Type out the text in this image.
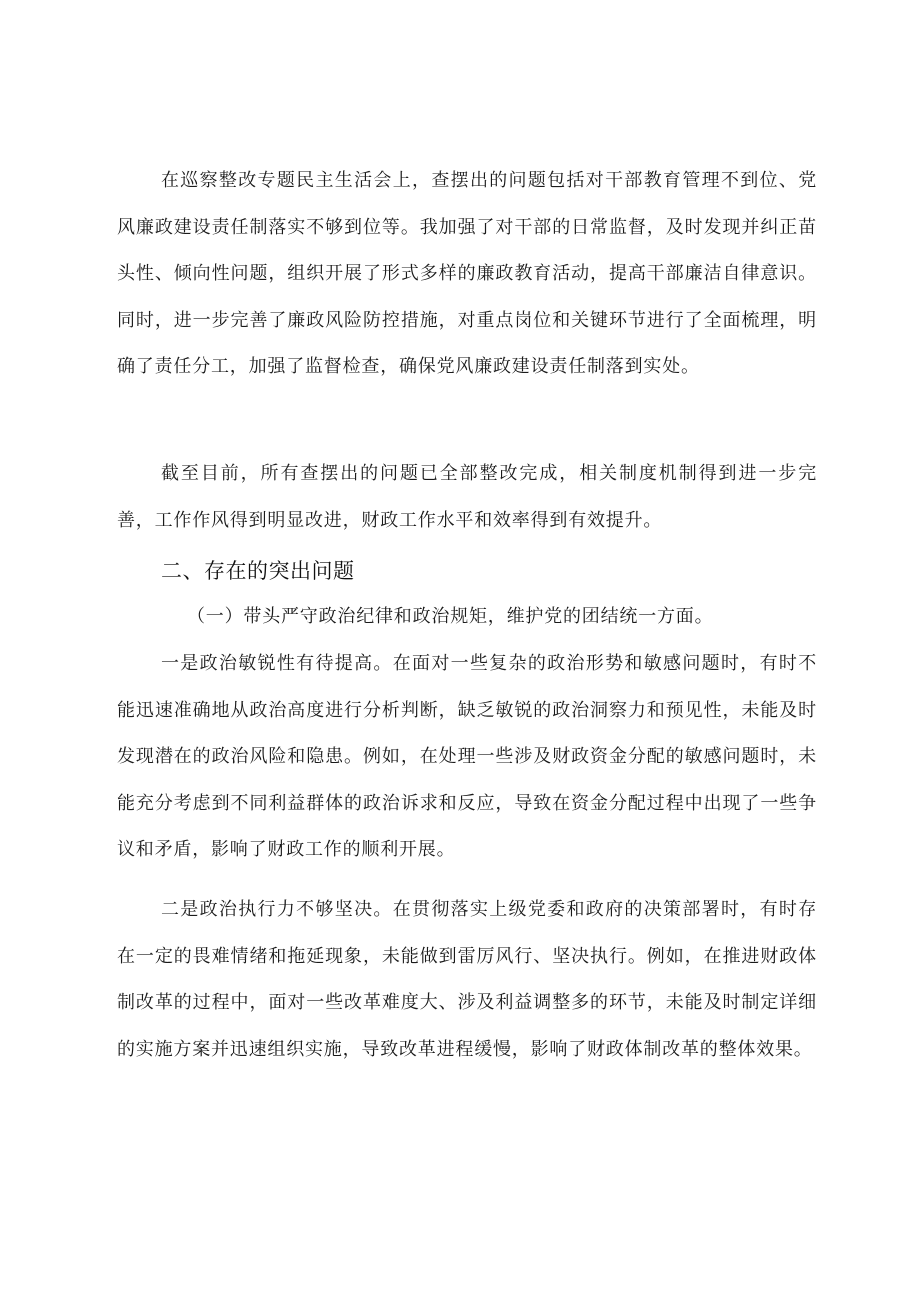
在巡察整改专题民主生活会上，查摆出的问题包括对干部教育管理不到位、党风廉政建设责任制落实不够到位等。我加强了对干部的日常监督，及时发现并纠正苗头性、倾向性问题，组织开展了形式多样的廉政教育活动，提高干部廉洁自律意识。同时，进一步完善了廉政风险防控措施，对重点岗位和关键环节进行了全面梳理，明确了责任分工，加强了监督检查，确保党风廉政建设责任制落到实处。

截至目前，所有查摆出的问题已全部整改完成，相关制度机制得到进一步完善，工作作风得到明显改进，财政工作水平和效率得到有效提升。

二、存在的突出问题

（一）带头严守政治纪律和政治规矩，维护党的团结统一方面。

一是政治敏锐性有待提高。在面对一些复杂的政治形势和敏感问题时，有时不能迅速准确地从政治高度进行分析判断，缺乏敏锐的政治洞察力和预见性，未能及时发现潜在的政治风险和隐患。例如，在处理一些涉及财政资金分配的敏感问题时，未能充分考虑到不同利益群体的政治诉求和反应，导致在资金分配过程中出现了一些争议和矛盾，影响了财政工作的顺利开展。

二是政治执行力不够坚决。在贯彻落实上级党委和政府的决策部署时，有时存在一定的畏难情绪和拖延现象，未能做到雷厉风行、坚决执行。例如，在推进财政体制改革的过程中，面对一些改革难度大、涉及利益调整多的环节，未能及时制定详细的实施方案并迅速组织实施，导致改革进程缓慢，影响了财政体制改革的整体效果。
